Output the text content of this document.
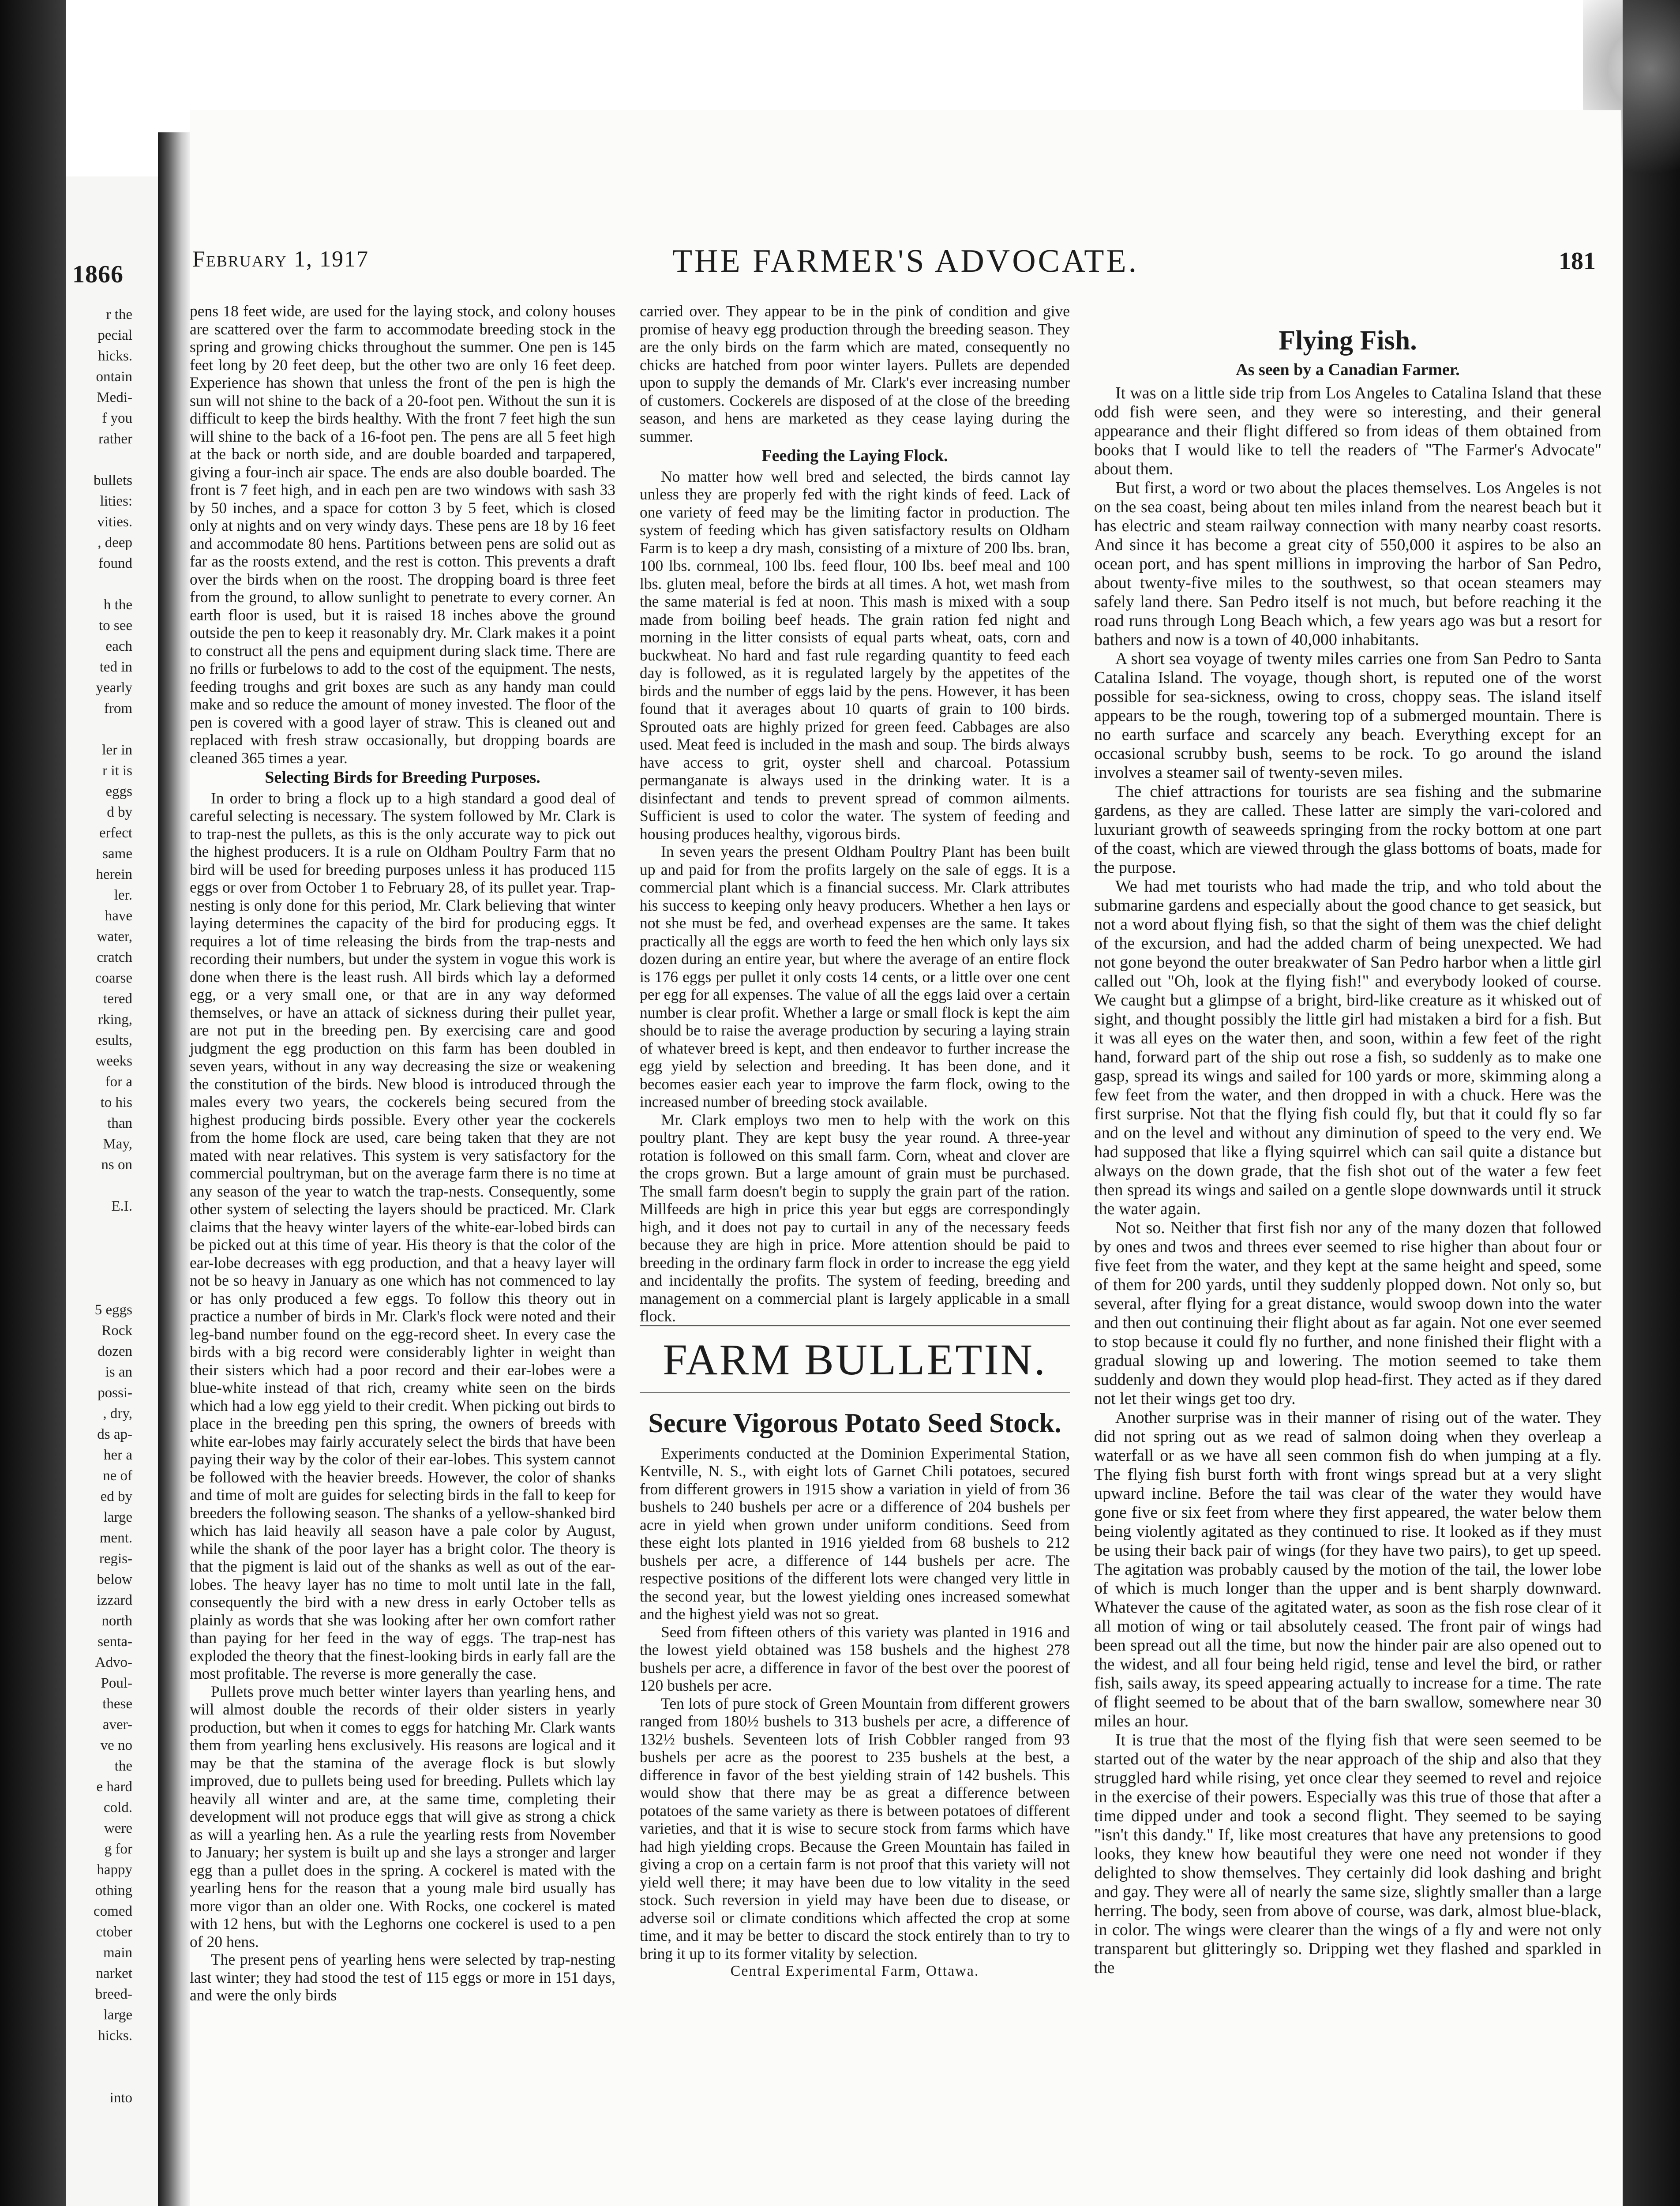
1866
r the
pecial
hicks.
ontain
Medi-
f you
rather

bullets
lities:
vities.
, deep
found

h the
to see
each
ted in
yearly
from

ler in
r it is
eggs
d by
erfect
same
herein
ler.
have
water,
cratch
coarse
tered
rking,
esults,
weeks
for a
to his
than
May,
ns on

E.I.

5 eggs
Rock
dozen
is an
possi-
, dry,
ds ap-
her a
ne of
ed by
large
ment.
regis-
below
izzard
north
senta-
Advo-
Poul-
these
aver-
ve no
the
e hard
cold.
were
g for
happy
othing
comed
ctober
main
narket
breed-
large
hicks.

into
THE FARMER'S ADVOCATE.
February 1, 1917	181

pens 18 feet wide, are used for the laying stock, and colony houses are scattered over the farm to accommodate breeding stock in the spring and growing chicks throughout the summer. One pen is 145 feet long by 20 feet deep, but the other two are only 16 feet deep. Experience has shown that unless the front of the pen is high the sun will not shine to the back of a 20-foot pen. Without the sun it is difficult to keep the birds healthy. With the front 7 feet high the sun will shine to the back of a 16-foot pen. The pens are all 5 feet high at the back or north side, and are double boarded and tarpapered, giving a four-inch air space. The ends are also double boarded. The front is 7 feet high, and in each pen are two windows with sash 33 by 50 inches, and a space for cotton 3 by 5 feet, which is closed only at nights and on very windy days. These pens are 18 by 16 feet and accommodate 80 hens. Partitions between pens are solid out as far as the roosts extend, and the rest is cotton. This prevents a draft over the birds when on the roost. The dropping board is three feet from the ground, to allow sunlight to penetrate to every corner. An earth floor is used, but it is raised 18 inches above the ground outside the pen to keep it reasonably dry. Mr. Clark makes it a point to construct all the pens and equipment during slack time. There are no frills or furbelows to add to the cost of the equipment. The nests, feeding troughs and grit boxes are such as any handy man could make and so reduce the amount of money invested. The floor of the pen is covered with a good layer of straw. This is cleaned out and replaced with fresh straw occasionally, but dropping boards are cleaned 365 times a year.

Selecting Birds for Breeding Purposes.

In order to bring a flock up to a high standard a good deal of careful selecting is necessary. The system followed by Mr. Clark is to trap-nest the pullets, as this is the only accurate way to pick out the highest producers. It is a rule on Oldham Poultry Farm that no bird will be used for breeding purposes unless it has produced 115 eggs or over from October 1 to February 28, of its pullet year. Trap-nesting is only done for this period, Mr. Clark believing that winter laying determines the capacity of the bird for producing eggs. It requires a lot of time releasing the birds from the trap-nests and recording their numbers, but under the system in vogue this work is done when there is the least rush. All birds which lay a deformed egg, or a very small one, or that are in any way deformed themselves, or have an attack of sickness during their pullet year, are not put in the breeding pen. By exercising care and good judgment the egg production on this farm has been doubled in seven years, without in any way decreasing the size or weakening the constitution of the birds. New blood is introduced through the males every two years, the cockerels being secured from the highest producing birds possible. Every other year the cockerels from the home flock are used, care being taken that they are not mated with near relatives. This system is very satisfactory for the commercial poultryman, but on the average farm there is no time at any season of the year to watch the trap-nests. Consequently, some other system of selecting the layers should be practiced. Mr. Clark claims that the heavy winter layers of the white-ear-lobed birds can be picked out at this time of year. His theory is that the color of the ear-lobe decreases with egg production, and that a heavy layer will not be so heavy in January as one which has not commenced to lay or has only produced a few eggs. To follow this theory out in practice a number of birds in Mr. Clark's flock were noted and their leg-band number found on the egg-record sheet. In every case the birds with a big record were considerably lighter in weight than their sisters which had a poor record and their ear-lobes were a blue-white instead of that rich, creamy white seen on the birds which had a low egg yield to their credit. When picking out birds to place in the breeding pen this spring, the owners of breeds with white ear-lobes may fairly accurately select the birds that have been paying their way by the color of their ear-lobes. This system cannot be followed with the heavier breeds. However, the color of shanks and time of molt are guides for selecting birds in the fall to keep for breeders the following season. The shanks of a yellow-shanked bird which has laid heavily all season have a pale color by August, while the shank of the poor layer has a bright color. The theory is that the pigment is laid out of the shanks as well as out of the ear-lobes. The heavy layer has no time to molt until late in the fall, consequently the bird with a new dress in early October tells as plainly as words that she was looking after her own comfort rather than paying for her feed in the way of eggs. The trap-nest has exploded the theory that the finest-looking birds in early fall are the most profitable. The reverse is more generally the case.

Pullets prove much better winter layers than yearling hens, and will almost double the records of their older sisters in yearly production, but when it comes to eggs for hatching Mr. Clark wants them from yearling hens exclusively. His reasons are logical and it may be that the stamina of the average flock is but slowly improved, due to pullets being used for breeding. Pullets which lay heavily all winter and are, at the same time, completing their development will not produce eggs that will give as strong a chick as will a yearling hen. As a rule the yearling rests from November to January; her system is built up and she lays a stronger and larger egg than a pullet does in the spring. A cockerel is mated with the yearling hens for the reason that a young male bird usually has more vigor than an older one. With Rocks, one cockerel is mated with 12 hens, but with the Leghorns one cockerel is used to a pen of 20 hens.

The present pens of yearling hens were selected by trap-nesting last winter; they had stood the test of 115 eggs or more in 151 days, and were the only birds

carried over. They appear to be in the pink of condition and give promise of heavy egg production through the breeding season. They are the only birds on the farm which are mated, consequently no chicks are hatched from poor winter layers. Pullets are depended upon to supply the demands of Mr. Clark's ever increasing number of customers. Cockerels are disposed of at the close of the breeding season, and hens are marketed as they cease laying during the summer.

Feeding the Laying Flock.

No matter how well bred and selected, the birds cannot lay unless they are properly fed with the right kinds of feed. Lack of one variety of feed may be the limiting factor in production. The system of feeding which has given satisfactory results on Oldham Farm is to keep a dry mash, consisting of a mixture of 200 lbs. bran, 100 lbs. cornmeal, 100 lbs. feed flour, 100 lbs. beef meal and 100 lbs. gluten meal, before the birds at all times. A hot, wet mash from the same material is fed at noon. This mash is mixed with a soup made from boiling beef heads. The grain ration fed night and morning in the litter consists of equal parts wheat, oats, corn and buckwheat. No hard and fast rule regarding quantity to feed each day is followed, as it is regulated largely by the appetites of the birds and the number of eggs laid by the pens. However, it has been found that it averages about 10 quarts of grain to 100 birds. Sprouted oats are highly prized for green feed. Cabbages are also used. Meat feed is included in the mash and soup. The birds always have access to grit, oyster shell and charcoal. Potassium permanganate is always used in the drinking water. It is a disinfectant and tends to prevent spread of common ailments. Sufficient is used to color the water. The system of feeding and housing produces healthy, vigorous birds.

In seven years the present Oldham Poultry Plant has been built up and paid for from the profits largely on the sale of eggs. It is a commercial plant which is a financial success. Mr. Clark attributes his success to keeping only heavy producers. Whether a hen lays or not she must be fed, and overhead expenses are the same. It takes practically all the eggs are worth to feed the hen which only lays six dozen during an entire year, but where the average of an entire flock is 176 eggs per pullet it only costs 14 cents, or a little over one cent per egg for all expenses. The value of all the eggs laid over a certain number is clear profit. Whether a large or small flock is kept the aim should be to raise the average production by securing a laying strain of whatever breed is kept, and then endeavor to further increase the egg yield by selection and breeding. It has been done, and it becomes easier each year to improve the farm flock, owing to the increased number of breeding stock available.

Mr. Clark employs two men to help with the work on this poultry plant. They are kept busy the year round. A three-year rotation is followed on this small farm. Corn, wheat and clover are the crops grown. But a large amount of grain must be purchased. The small farm doesn't begin to supply the grain part of the ration. Millfeeds are high in price this year but eggs are correspondingly high, and it does not pay to curtail in any of the necessary feeds because they are high in price. More attention should be paid to breeding in the ordinary farm flock in order to increase the egg yield and incidentally the profits. The system of feeding, breeding and management on a commercial plant is largely applicable in a small flock.

FARM BULLETIN.
Secure Vigorous Potato Seed Stock.

Experiments conducted at the Dominion Experimental Station, Kentville, N. S., with eight lots of Garnet Chili potatoes, secured from different growers in 1915 show a variation in yield of from 36 bushels to 240 bushels per acre or a difference of 204 bushels per acre in yield when grown under uniform conditions. Seed from these eight lots planted in 1916 yielded from 68 bushels to 212 bushels per acre, a difference of 144 bushels per acre. The respective positions of the different lots were changed very little in the second year, but the lowest yielding ones increased somewhat and the highest yield was not so great.

Seed from fifteen others of this variety was planted in 1916 and the lowest yield obtained was 158 bushels and the highest 278 bushels per acre, a difference in favor of the best over the poorest of 120 bushels per acre.

Ten lots of pure stock of Green Mountain from different growers ranged from 180½ bushels to 313 bushels per acre, a difference of 132½ bushels. Seventeen lots of Irish Cobbler ranged from 93 bushels per acre as the poorest to 235 bushels at the best, a difference in favor of the best yielding strain of 142 bushels. This would show that there may be as great a difference between potatoes of the same variety as there is between potatoes of different varieties, and that it is wise to secure stock from farms which have had high yielding crops. Because the Green Mountain has failed in giving a crop on a certain farm is not proof that this variety will not yield well there; it may have been due to low vitality in the seed stock. Such reversion in yield may have been due to disease, or adverse soil or climate conditions which affected the crop at some time, and it may be better to discard the stock entirely than to try to bring it up to its former vitality by selection.

Central Experimental Farm, Ottawa.

Flying Fish.
As seen by a Canadian Farmer.

It was on a little side trip from Los Angeles to Catalina Island that these odd fish were seen, and they were so interesting, and their general appearance and their flight differed so from ideas of them obtained from books that I would like to tell the readers of "The Farmer's Advocate" about them.

But first, a word or two about the places themselves. Los Angeles is not on the sea coast, being about ten miles inland from the nearest beach but it has electric and steam railway connection with many nearby coast resorts. And since it has become a great city of 550,000 it aspires to be also an ocean port, and has spent millions in improving the harbor of San Pedro, about twenty-five miles to the southwest, so that ocean steamers may safely land there. San Pedro itself is not much, but before reaching it the road runs through Long Beach which, a few years ago was but a resort for bathers and now is a town of 40,000 inhabitants.

A short sea voyage of twenty miles carries one from San Pedro to Santa Catalina Island. The voyage, though short, is reputed one of the worst possible for sea-sickness, owing to cross, choppy seas. The island itself appears to be the rough, towering top of a submerged mountain. There is no earth surface and scarcely any beach. Everything except for an occasional scrubby bush, seems to be rock. To go around the island involves a steamer sail of twenty-seven miles.

The chief attractions for tourists are sea fishing and the submarine gardens, as they are called. These latter are simply the vari-colored and luxuriant growth of seaweeds springing from the rocky bottom at one part of the coast, which are viewed through the glass bottoms of boats, made for the purpose.

We had met tourists who had made the trip, and who told about the submarine gardens and especially about the good chance to get seasick, but not a word about flying fish, so that the sight of them was the chief delight of the excursion, and had the added charm of being unexpected. We had not gone beyond the outer breakwater of San Pedro harbor when a little girl called out "Oh, look at the flying fish!" and everybody looked of course. We caught but a glimpse of a bright, bird-like creature as it whisked out of sight, and thought possibly the little girl had mistaken a bird for a fish. But it was all eyes on the water then, and soon, within a few feet of the right hand, forward part of the ship out rose a fish, so suddenly as to make one gasp, spread its wings and sailed for 100 yards or more, skimming along a few feet from the water, and then dropped in with a chuck. Here was the first surprise. Not that the flying fish could fly, but that it could fly so far and on the level and without any diminution of speed to the very end. We had supposed that like a flying squirrel which can sail quite a distance but always on the down grade, that the fish shot out of the water a few feet then spread its wings and sailed on a gentle slope downwards until it struck the water again.

Not so. Neither that first fish nor any of the many dozen that followed by ones and twos and threes ever seemed to rise higher than about four or five feet from the water, and they kept at the same height and speed, some of them for 200 yards, until they suddenly plopped down. Not only so, but several, after flying for a great distance, would swoop down into the water and then out continuing their flight about as far again. Not one ever seemed to stop because it could fly no further, and none finished their flight with a gradual slowing up and lowering. The motion seemed to take them suddenly and down they would plop head-first. They acted as if they dared not let their wings get too dry.

Another surprise was in their manner of rising out of the water. They did not spring out as we read of salmon doing when they overleap a waterfall or as we have all seen common fish do when jumping at a fly. The flying fish burst forth with front wings spread but at a very slight upward incline. Before the tail was clear of the water they would have gone five or six feet from where they first appeared, the water below them being violently agitated as they continued to rise. It looked as if they must be using their back pair of wings (for they have two pairs), to get up speed. The agitation was probably caused by the motion of the tail, the lower lobe of which is much longer than the upper and is bent sharply downward. Whatever the cause of the agitated water, as soon as the fish rose clear of it all motion of wing or tail absolutely ceased. The front pair of wings had been spread out all the time, but now the hinder pair are also opened out to the widest, and all four being held rigid, tense and level the bird, or rather fish, sails away, its speed appearing actually to increase for a time. The rate of flight seemed to be about that of the barn swallow, somewhere near 30 miles an hour.

It is true that the most of the flying fish that were seen seemed to be started out of the water by the near approach of the ship and also that they struggled hard while rising, yet once clear they seemed to revel and rejoice in the exercise of their powers. Especially was this true of those that after a time dipped under and took a second flight. They seemed to be saying "isn't this dandy." If, like most creatures that have any pretensions to good looks, they knew how beautiful they were one need not wonder if they delighted to show themselves. They certainly did look dashing and bright and gay. They were all of nearly the same size, slightly smaller than a large herring. The body, seen from above of course, was dark, almost blue-black, in color. The wings were clearer than the wings of a fly and were not only transparent but glitteringly so. Dripping wet they flashed and sparkled in the
